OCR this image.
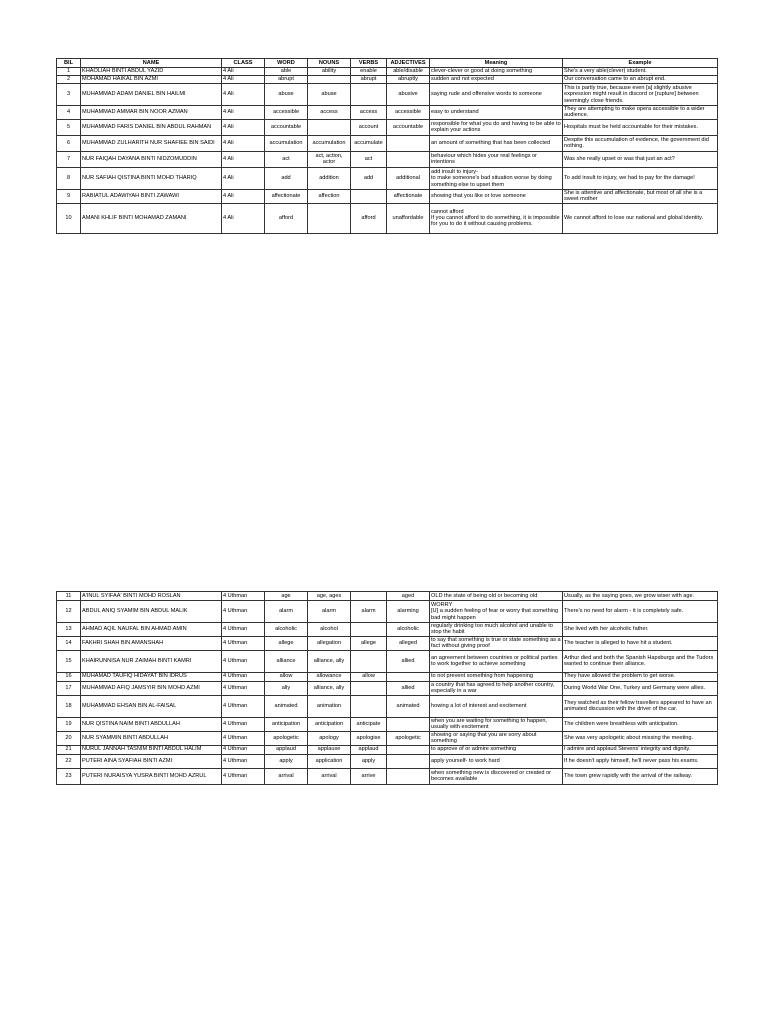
BIL	NAME	CLASS	WORD	NOUNS	VERBS	ADJECTIVES	Meaning	Example
1	KHAOLIAH BINTI ABDUL YAZID	4 Ali	able	ability	enable	able/disable	clever-clever or good at doing something	She's a very able(clever) student.
2	MOHAMAD HAIKAL BIN AZMI	4 Ali	abrupt		abrupt	abruptly	sudden and not expected	Our conversation came to an abrupt end.
3	MUHAMMAD ADAM DANIEL BIN HAILMI	4 Ali	abuse	abuse		abusive	saying rude and offensive words to someone	This is partly true, because even [a] slightly abusive expression might result in discord or [rupture] between seemingly close friends.
4	MUHAMMAD AMMAR BIN NOOR AZMAN	4 Ali	accessible	access	access	accessible	easy to understand	They are attempting to make opera accessible to a wider audience.
5	MUHAMMAD FARIS DANIEL BIN ABDUL RAHMAN	4 Ali	accountable		account	accountable	responsible for what you do and having to be able to explain your actions	Hospitals must be held accountable for their mistakes.
6	MUHAMMAD ZULHARITH NUR SHAFIEE BIN SAIDI	4 Ali	accumulation	accumulation	accumulate		an amount of something that has been collected	Despite this accumulation of evidence, the government did nothing.
7	NUR FAIQAH DAYANA BINTI NIDZOMUDDIN	4 Ali	act	act, action, actor	act		behaviour which hides your real feelings or intentions	Was she really upset or was that just an act?
8	NUR SAFIAH QISTINA BINTI MOHD THARIQ	4 Ali	add	addition	add	additional	add insult to injury-
to make someone's bad situation worse by doing something else to upset them	To add insult to injury, we had to pay for the damage!
9	RABIATUL ADAWIYAH BINTI ZAWAWI	4 Ali	affectionate	affection		affectionate	showing that you like or love someone	She is attentive and affectionate, but most of all she is a sweet mother
10	AMANI KHLIF BINTI MOHAMAD ZAMANI	4 Ali	afford		afford	unaffordable	cannot afford
If you cannot afford to do something, it is impossible for you to do it without causing problems.	We cannot afford to lose our national and global identity.
11	A'INUL SYIFAA' BINTI MOHD ROSLAN	4 Uthman	age	age, ages		aged	OLD the state of being old or becoming old	Usually, as the saying goes, we grow wiser with age.
12	ABDUL ANIQ SYAMIM BIN ABDUL MALIK	4 Uthman	alarm	alarm	alarm	alarming	WORRY
[U] a sudden feeling of fear or worry that something bad might happen	There's no need for alarm - it is completely safe.
13	AHMAD AQIL NAUFAL BIN AHMAD AMIN	4 Uthman	alcoholic	alcohol		alcoholic	regularly drinking too much alcohol and unable to stop the habit	She lived with her alcoholic father.
14	FAKHRI SHAH BIN AMANSHAH	4 Uthman	allege	allegation	allege	alleged	to say that something is true or state something as a fact without giving proof	The teacher is alleged to have hit a student.
15	KHAIRUNNISA NUR ZAIMAH BINTI KAMRI	4 Uthman	alliance	alliance, ally		allied	an agreement between countries or political parties to work together to achieve something	Arthur died and both the Spanish Hapsburgs and the Tudors wanted to continue their alliance.
16	MUHAMAD TAUFIQ HIDAYAT BIN IDRUS	4 Uthman	allow	allowance	allow		to not prevent something from happening	They have allowed the problem to get worse.
17	MUHAMMAD AFIQ JAMSYIR BIN MOHD AZMI	4 Uthman	ally	alliance, ally		allied	a country that has agreed to help another country, especially in a war	During World War One, Turkey and Germany were allies.
18	MUHAMMAD EHSAN BIN AL-FAISAL	4 Uthman	animated	animation		animated	howing a lot of interest and excitement	They watched as their fellow travellers appeared to have an animated discussion with the driver of the car.
19	NUR QISTINA NAIM BINTI ABDULLAH	4 Uthman	anticipation	anticipation	anticipate		when you are waiting for something to happen, usually with excitement	The children were breathless with anticipation.
20	NUR SYAMMIN BINTI ABDULLAH	4 Uthman	apologetic	apology	apologise	apologetic	showing or saying that you are sorry about something	She was very apologetic about missing the meeting.
21	NURUL JANNAH TASNIM BINTI ABDUL HALIM	4 Uthman	applaud	applause	applaud		to approve of or admire something	I admire and applaud Stevens' integrity and dignity.
22	PUTERI AINA SYAFIAH BINTI AZMI	4 Uthman	apply	application	apply		apply yourself- to work hard	If he doesn't apply himself, he'll never pass his exams.
23	PUTERI NURAISYA YUSRA BINTI MOHD AZRUL	4 Uthman	arrival	arrival	arrive		when something new is discovered or created or becomes available	The town grew rapidly with the arrival of the railway.
